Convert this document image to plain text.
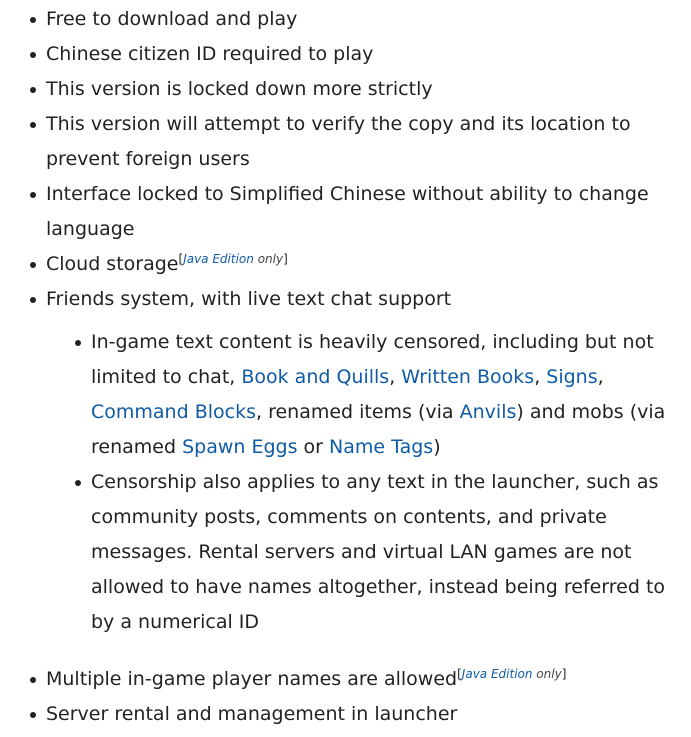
Free to download and play
Chinese citizen ID required to play
This version is locked down more strictly
This version will attempt to verify the copy and its location to prevent foreign users
Interface locked to Simplified Chinese without ability to change language
Cloud storage[Java Edition only]
Friends system, with live text chat support
In-game text content is heavily censored, including but not limited to chat, Book and Quills, Written Books, Signs, Command Blocks, renamed items (via Anvils) and mobs (via renamed Spawn Eggs or Name Tags)
Censorship also applies to any text in the launcher, such as community posts, comments on contents, and private messages. Rental servers and virtual LAN games are not allowed to have names altogether, instead being referred to by a numerical ID
Multiple in-game player names are allowed[Java Edition only]
Server rental and management in launcher
